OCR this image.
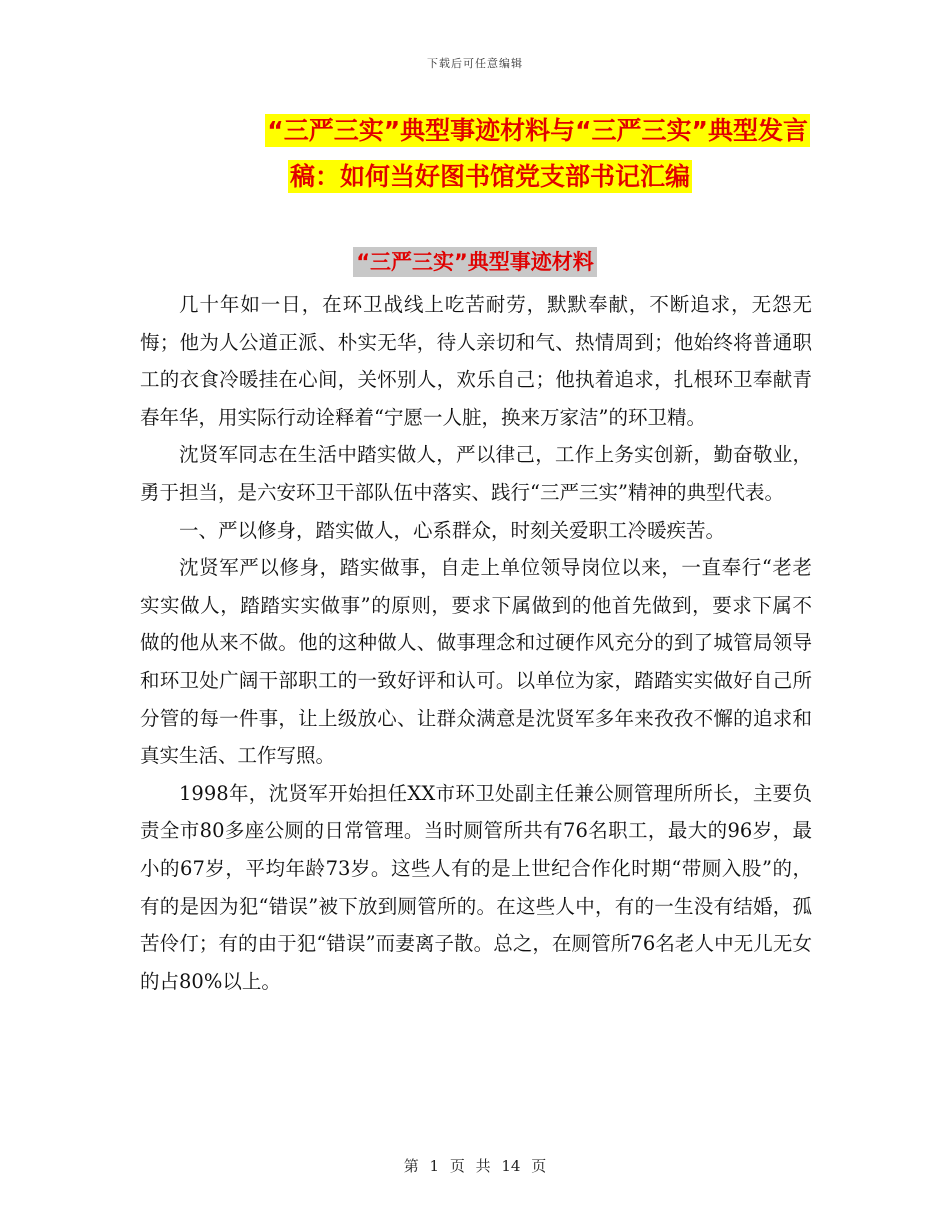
下载后可任意编辑
“三严三实”典型事迹材料与“三严三实”典型发言
稿：如何当好图书馆党支部书记汇编
“三严三实”典型事迹材料

几十年如一日，在环卫战线上吃苦耐劳，默默奉献，不断追求，无怨无悔；他为人公道正派、朴实无华，待人亲切和气、热情周到；他始终将普通职工的衣食冷暖挂在心间，关怀别人，欢乐自己；他执着追求，扎根环卫奉献青春年华，用实际行动诠释着“宁愿一人脏，换来万家洁”的环卫精。

沈贤军同志在生活中踏实做人，严以律己，工作上务实创新，勤奋敬业，勇于担当，是六安环卫干部队伍中落实、践行“三严三实”精神的典型代表。

一、严以修身，踏实做人，心系群众，时刻关爱职工冷暖疾苦。

沈贤军严以修身，踏实做事，自走上单位领导岗位以来，一直奉行“老老实实做人，踏踏实实做事”的原则，要求下属做到的他首先做到，要求下属不做的他从来不做。他的这种做人、做事理念和过硬作风充分的到了城管局领导和环卫处广阔干部职工的一致好评和认可。以单位为家，踏踏实实做好自己所分管的每一件事，让上级放心、让群众满意是沈贤军多年来孜孜不懈的追求和真实生活、工作写照。

1998年，沈贤军开始担任XX市环卫处副主任兼公厕管理所所长，主要负责全市80多座公厕的日常管理。当时厕管所共有76名职工，最大的96岁，最小的67岁，平均年龄73岁。这些人有的是上世纪合作化时期“带厕入股”的，有的是因为犯“错误”被下放到厕管所的。在这些人中，有的一生没有结婚，孤苦伶仃；有的由于犯“错误”而妻离子散。总之，在厕管所76名老人中无儿无女的占80%以上。

第 1 页 共 14 页
